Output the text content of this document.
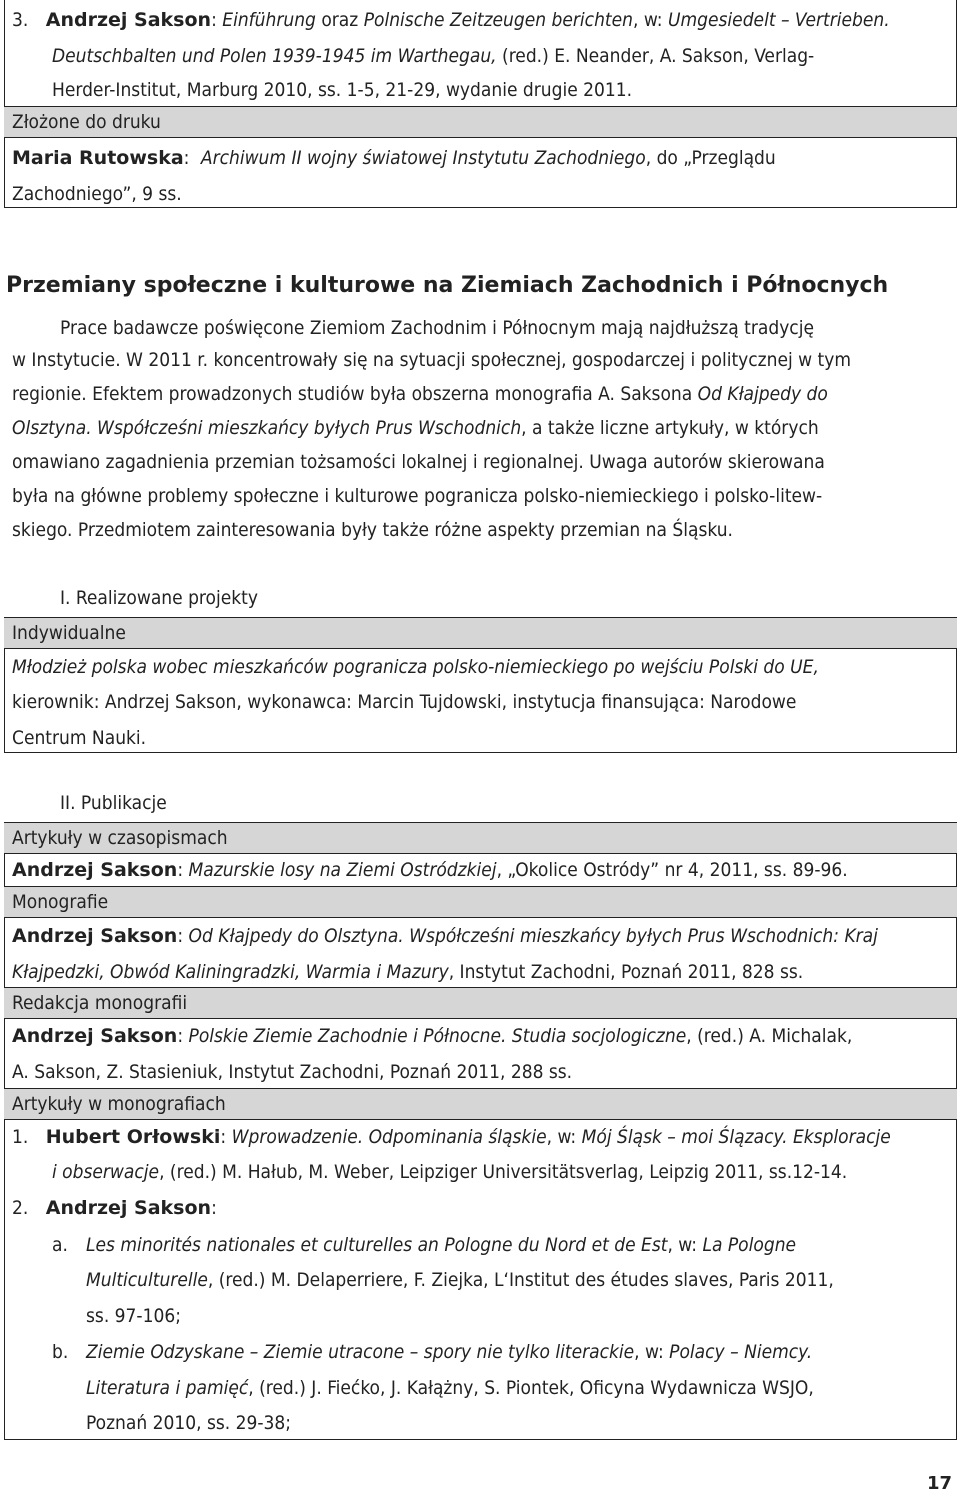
Złożone do druku
3. Andrzej Sakson: Einführung oraz Polnische Zeitzeugen berichten, w: Umgesiedelt – Vertrieben.
Deutschbalten und Polen 1939-1945 im Warthegau, (red.) E. Neander, A. Sakson, Verlag-
Herder-Institut, Marburg 2010, ss. 1-5, 21-29, wydanie drugie 2011.
Maria Rutowska: Archiwum II wojny światowej Instytutu Zachodniego, do „Przeglądu
Zachodniego”, 9 ss.
Przemiany społeczne i kulturowe na Ziemiach Zachodnich i Północnych
Prace badawcze poświęcone Ziemiom Zachodnim i Północnym mają najdłuższą tradycję
w Instytucie. W 2011 r. koncentrowały się na sytuacji społecznej, gospodarczej i politycznej w tym
regionie. Efektem prowadzonych studiów była obszerna monografia A. Saksona Od Kłajpedy do
Olsztyna. Współcześni mieszkańcy byłych Prus Wschodnich, a także liczne artykuły, w których
omawiano zagadnienia przemian tożsamości lokalnej i regionalnej. Uwaga autorów skierowana
była na główne problemy społeczne i kulturowe pogranicza polsko-niemieckiego i polsko-litew-
skiego. Przedmiotem zainteresowania były także różne aspekty przemian na Śląsku.
I. Realizowane projekty
Indywidualne
Młodzież polska wobec mieszkańców pogranicza polsko-niemieckiego po wejściu Polski do UE,
kierownik: Andrzej Sakson, wykonawca: Marcin Tujdowski, instytucja finansująca: Narodowe
Centrum Nauki.
II. Publikacje
Artykuły w czasopismach
Andrzej Sakson: Mazurskie losy na Ziemi Ostródzkiej, „Okolice Ostródy” nr 4, 2011, ss. 89-96.
Monografie
Andrzej Sakson: Od Kłajpedy do Olsztyna. Współcześni mieszkańcy byłych Prus Wschodnich: Kraj
Kłajpedzki, Obwód Kaliningradzki, Warmia i Mazury, Instytut Zachodni, Poznań 2011, 828 ss.
Redakcja monografii
Andrzej Sakson: Polskie Ziemie Zachodnie i Północne. Studia socjologiczne, (red.) A. Michalak,
A. Sakson, Z. Stasieniuk, Instytut Zachodni, Poznań 2011, 288 ss.
Artykuły w monografiach
1. Hubert Orłowski: Wprowadzenie. Odpominania śląskie, w: Mój Śląsk – moi Ślązacy. Eksploracje
i obserwacje, (red.) M. Hałub, M. Weber, Leipziger Universitätsverlag, Leipzig 2011, ss.12-14.
2. Andrzej Sakson:
a. Les minorités nationales et culturelles an Pologne du Nord et de Est, w: La Pologne
Multiculturelle, (red.) M. Delaperriere, F. Ziejka, L‘Institut des études slaves, Paris 2011,
ss. 97-106;
b. Ziemie Odzyskane – Ziemie utracone – spory nie tylko literackie, w: Polacy – Niemcy.
Literatura i pamięć, (red.) J. Fiećko, J. Kałążny, S. Piontek, Oficyna Wydawnicza WSJO,
Poznań 2010, ss. 29-38;
17
